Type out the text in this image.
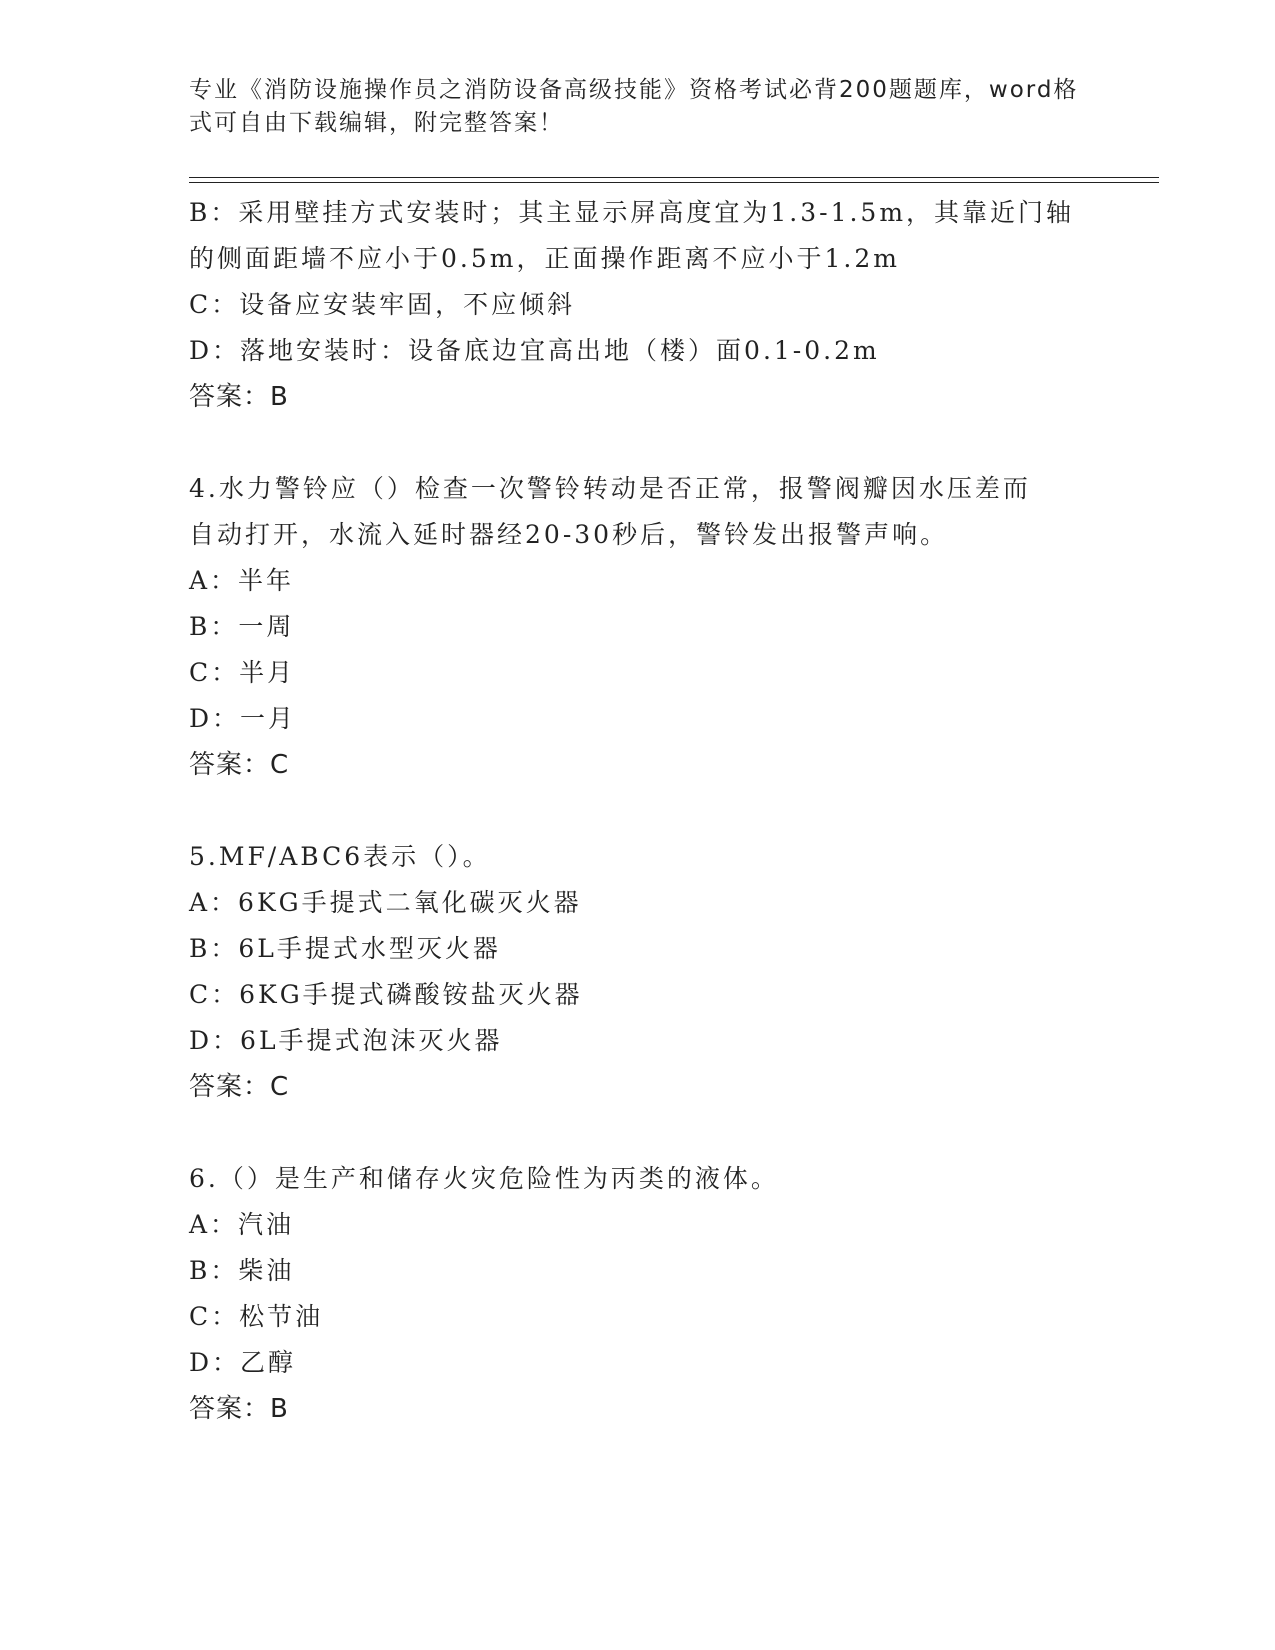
专业《消防设施操作员之消防设备高级技能》资格考试必背200题题库，word格
式可自由下载编辑，附完整答案！
B：采用壁挂方式安装时；其主显示屏高度宜为1.3-1.5m，其靠近门轴
的侧面距墙不应小于0.5m，正面操作距离不应小于1.2m
C：设备应安装牢固，不应倾斜
D：落地安装时：设备底边宜高出地（楼）面0.1-0.2m
答案：B
4.水力警铃应（）检查一次警铃转动是否正常，报警阀瓣因水压差而
自动打开，水流入延时器经20-30秒后，警铃发出报警声响。
A：半年
B：一周
C：半月
D：一月
答案：C
5.MF/ABC6表示（）。
A：6KG手提式二氧化碳灭火器
B：6L手提式水型灭火器
C：6KG手提式磷酸铵盐灭火器
D：6L手提式泡沫灭火器
答案：C
6.（）是生产和储存火灾危险性为丙类的液体。
A：汽油
B：柴油
C：松节油
D：乙醇
答案：B
